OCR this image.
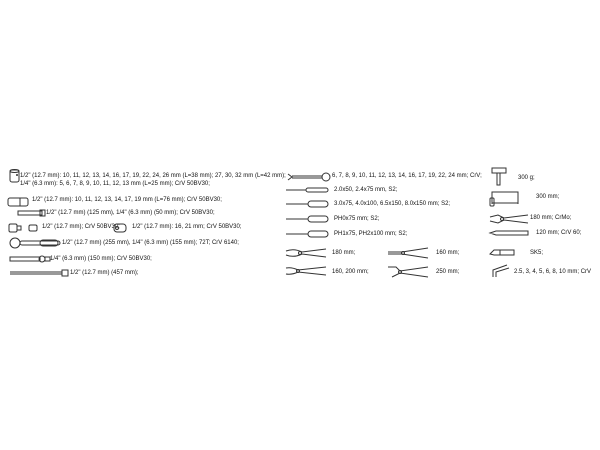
1/2" (12.7 mm): 10, 11, 12, 13, 14, 16, 17, 19, 22, 24, 26 mm (L=38 mm); 27, 30, 32 mm (L=42 mm);
1/4" (6.3 mm): 5, 6, 7, 8, 9, 10, 11, 12, 13 mm (L=25 mm); CrV 50BV30;
1/2" (12.7 mm): 10, 11, 12, 13, 14, 17, 19 mm (L=76 mm); CrV 50BV30;
1/2" (12.7 mm) (125 mm), 1/4" (6.3 mm) (50 mm); CrV 50BV30;
1/2" (12.7 mm); CrV 50BV30; 1/2" (12.7 mm): 16, 21 mm; CrV 50BV30;
1/2" (12.7 mm) (255 mm), 1/4" (6.3 mm) (155 mm); 72T; CrV 6140;
1/4" (6.3 mm) (150 mm); CrV 50BV30;
1/2" (12.7 mm) (457 mm);
6, 7, 8, 9, 10, 11, 12, 13, 14, 16, 17, 19, 22, 24 mm; CrV;
2.0x50, 2.4x75 mm, S2;
3.0x75, 4.0x100, 6.5x150, 8.0x150 mm; S2;
PH0x75 mm; S2;
PH1x75, PH2x100 mm; S2;
180 mm;	160 mm;
160, 200 mm;	250 mm;
300 g;
300 mm;
180 mm; CrMo;
120 mm; CrV 60;
SK5;
2.5, 3, 4, 5, 6, 8, 10 mm; CrV
